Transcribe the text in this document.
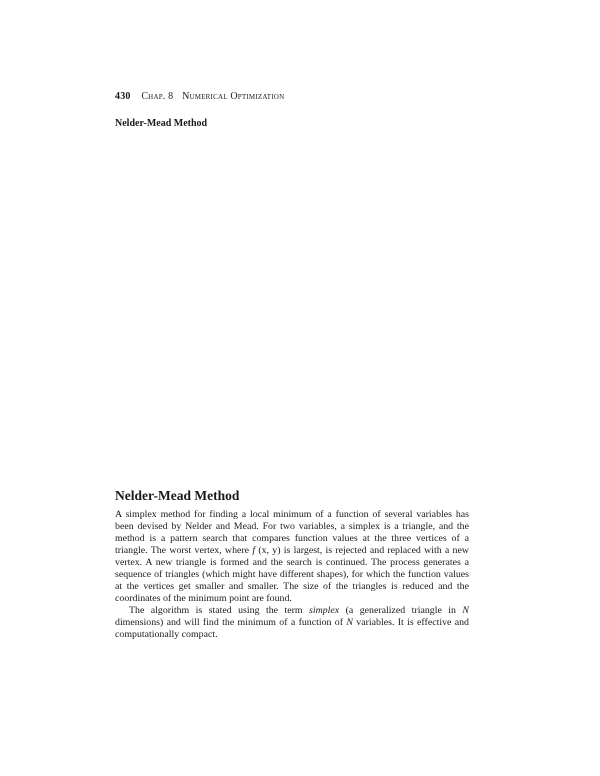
430 Chap. 8 Numerical Optimization
Nelder-Mead Method
Nelder-Mead Method

A simplex method for finding a local minimum of a function of several variables has been devised by Nelder and Mead. For two variables, a simplex is a triangle, and the method is a pattern search that compares function values at the three vertices of a triangle. The worst vertex, where f (x, y) is largest, is rejected and replaced with a new vertex. A new triangle is formed and the search is continued. The process generates a sequence of triangles (which might have different shapes), for which the function values at the vertices get smaller and smaller. The size of the triangles is reduced and the coordinates of the minimum point are found.

The algorithm is stated using the term simplex (a generalized triangle in N dimensions) and will find the minimum of a function of N variables. It is effective and computationally compact.
